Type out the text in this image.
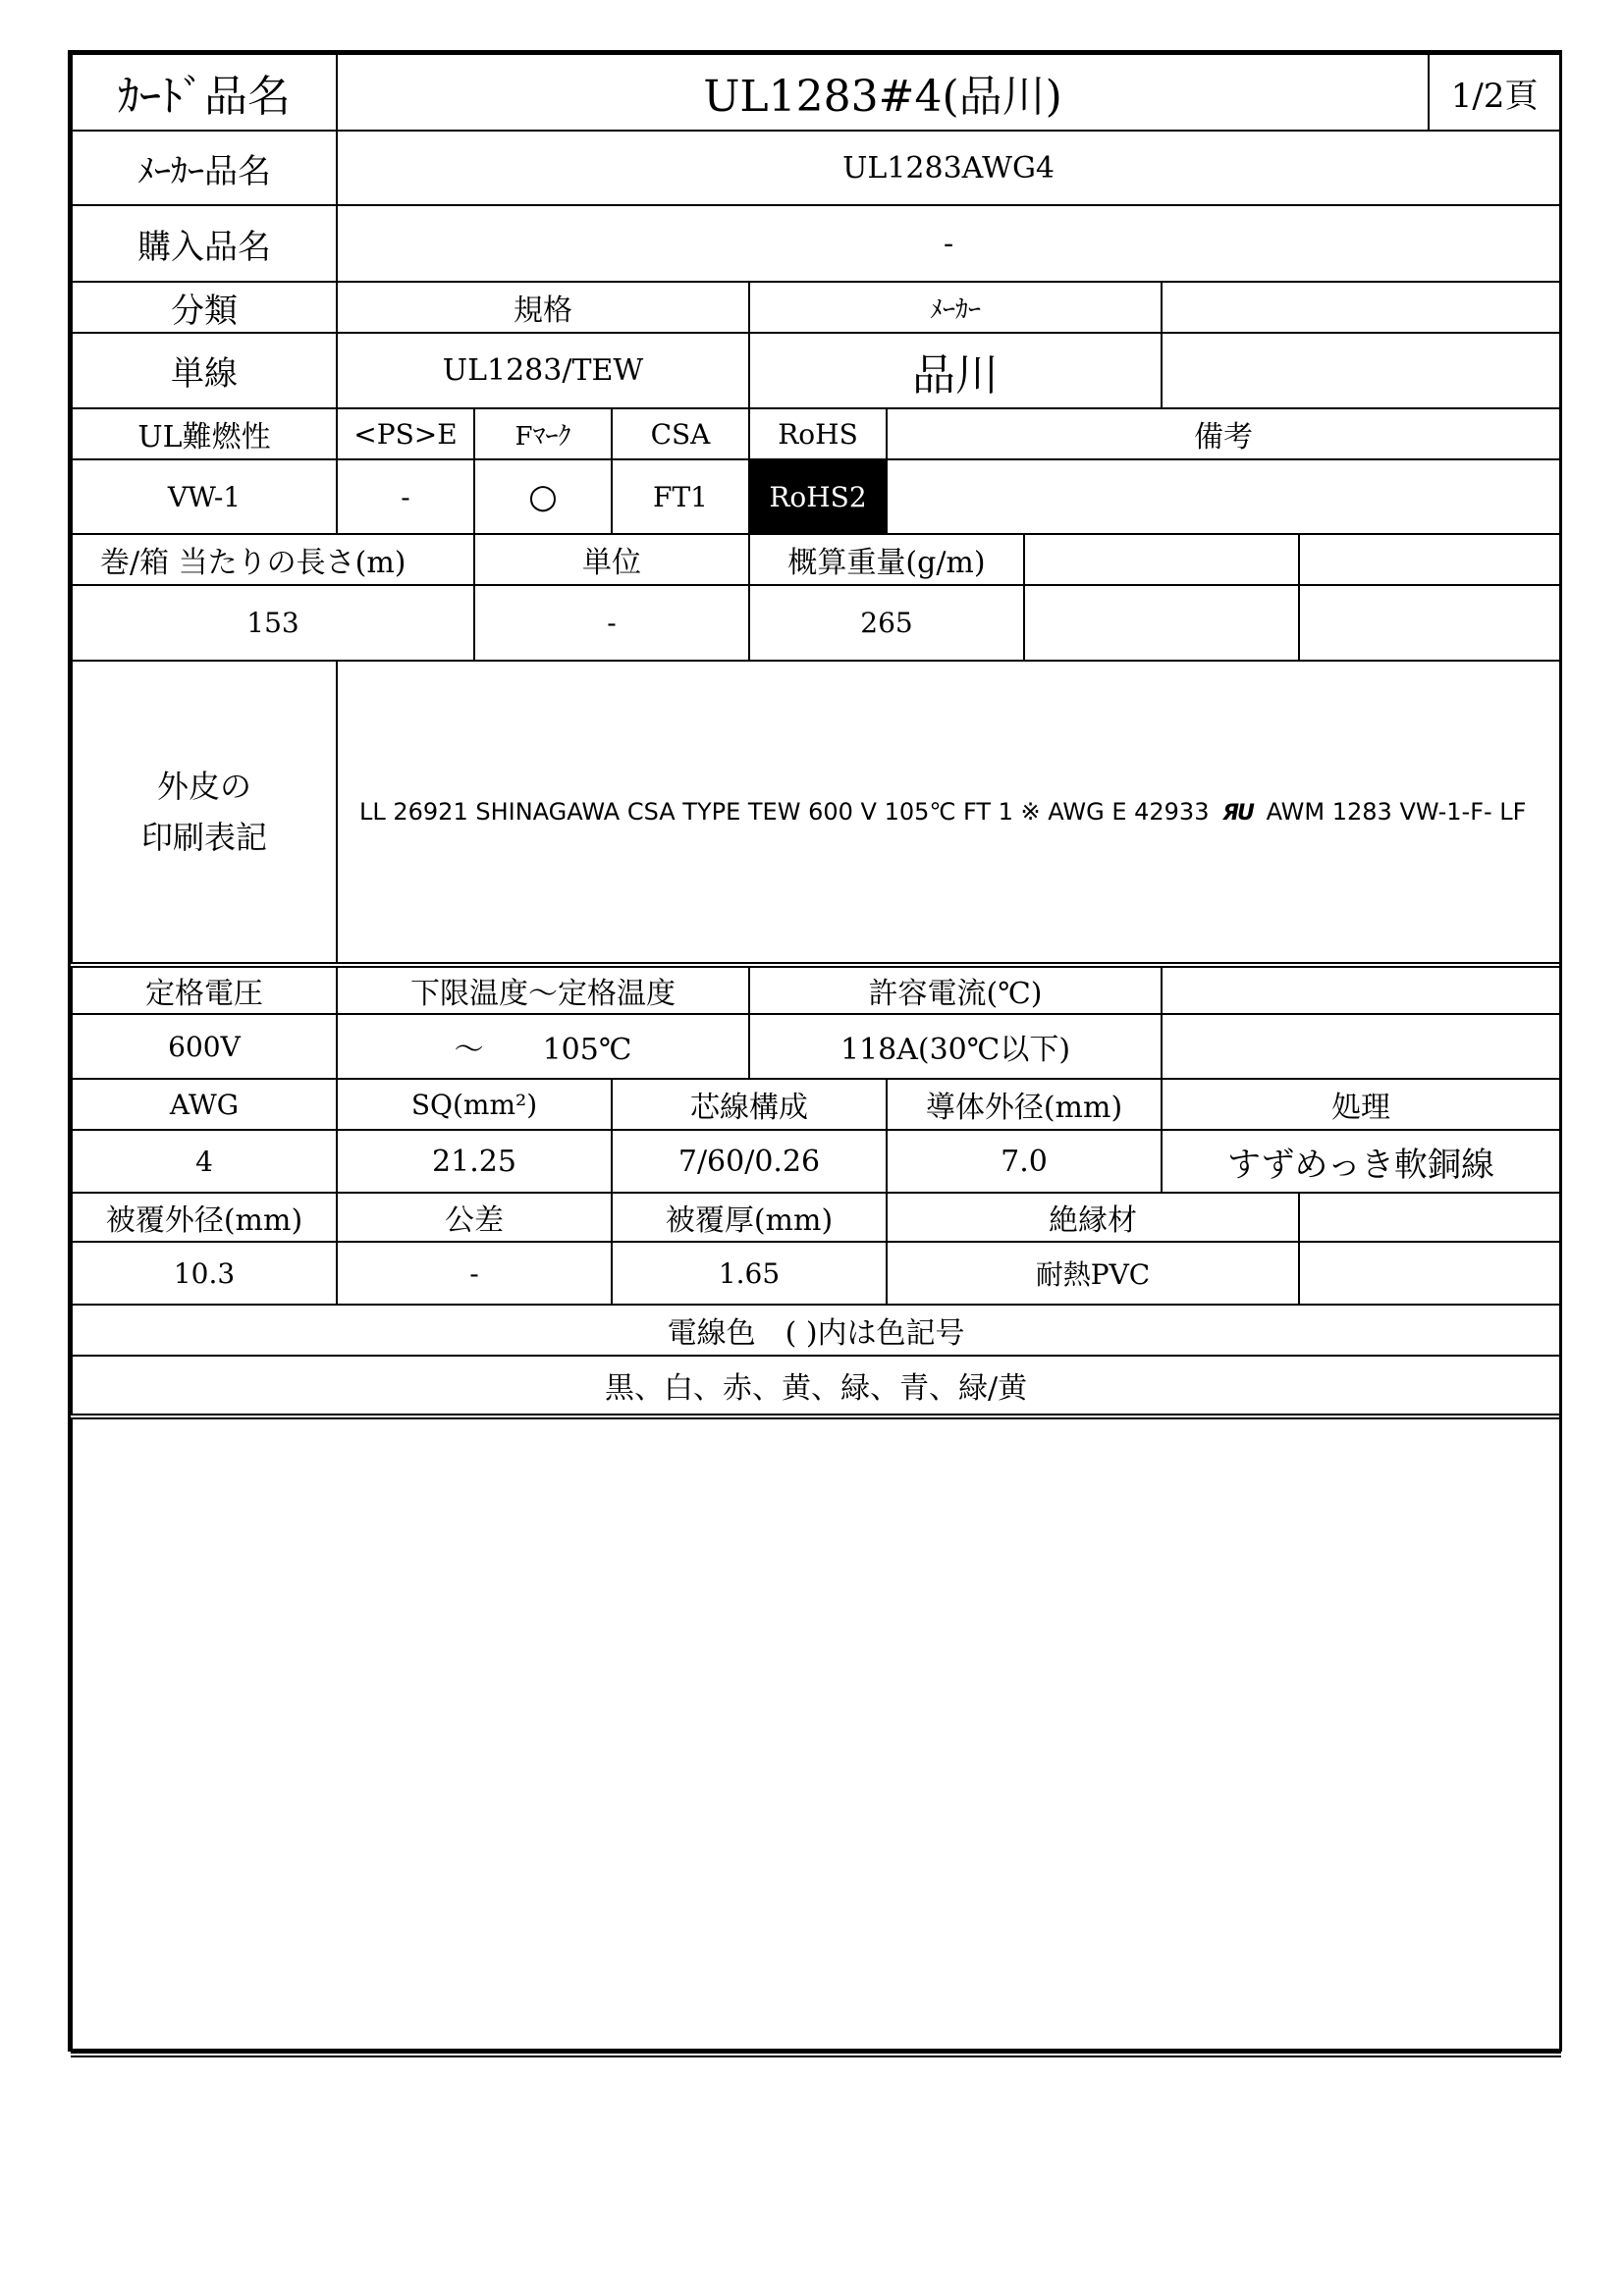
ｶｰﾄﾞ品名	UL1283#4(品川)								1/2頁
ﾒｰｶｰ品名	UL1283AWG4								
購入品名	-								
分類	規格			ﾒｰｶｰ					
単線	UL1283/TEW			品川					
UL難燃性	<PS>E	Fﾏｰｸ	CSA	RoHS	備考				
VW-1	-	○	FT1	RoHS2					
巻/箱 当たりの長さ(m)		単位		概算重量(g/m)					
153		-		265					

外皮の
印刷表記	LL 26921 SHINAGAWA CSA TYPE TEW 600 V 105℃ FT 1 ※ AWG E 42933 ЯU AWM 1283 VW-1-F- LF								
定格電圧	下限温度～定格温度			許容電流(℃)					
600V	～　　105℃			118A(30℃以下)					
AWG	SQ(mm²)		芯線構成		導体外径(mm)		処理		
4	21.25		7/60/0.26		7.0		すずめっき軟銅線		
被覆外径(mm)	公差		被覆厚(mm)		絶縁材				
10.3	-		1.65		耐熱PVC				
電線色　( )内は色記号									
黒、白、赤、黄、緑、青、緑/黄									
